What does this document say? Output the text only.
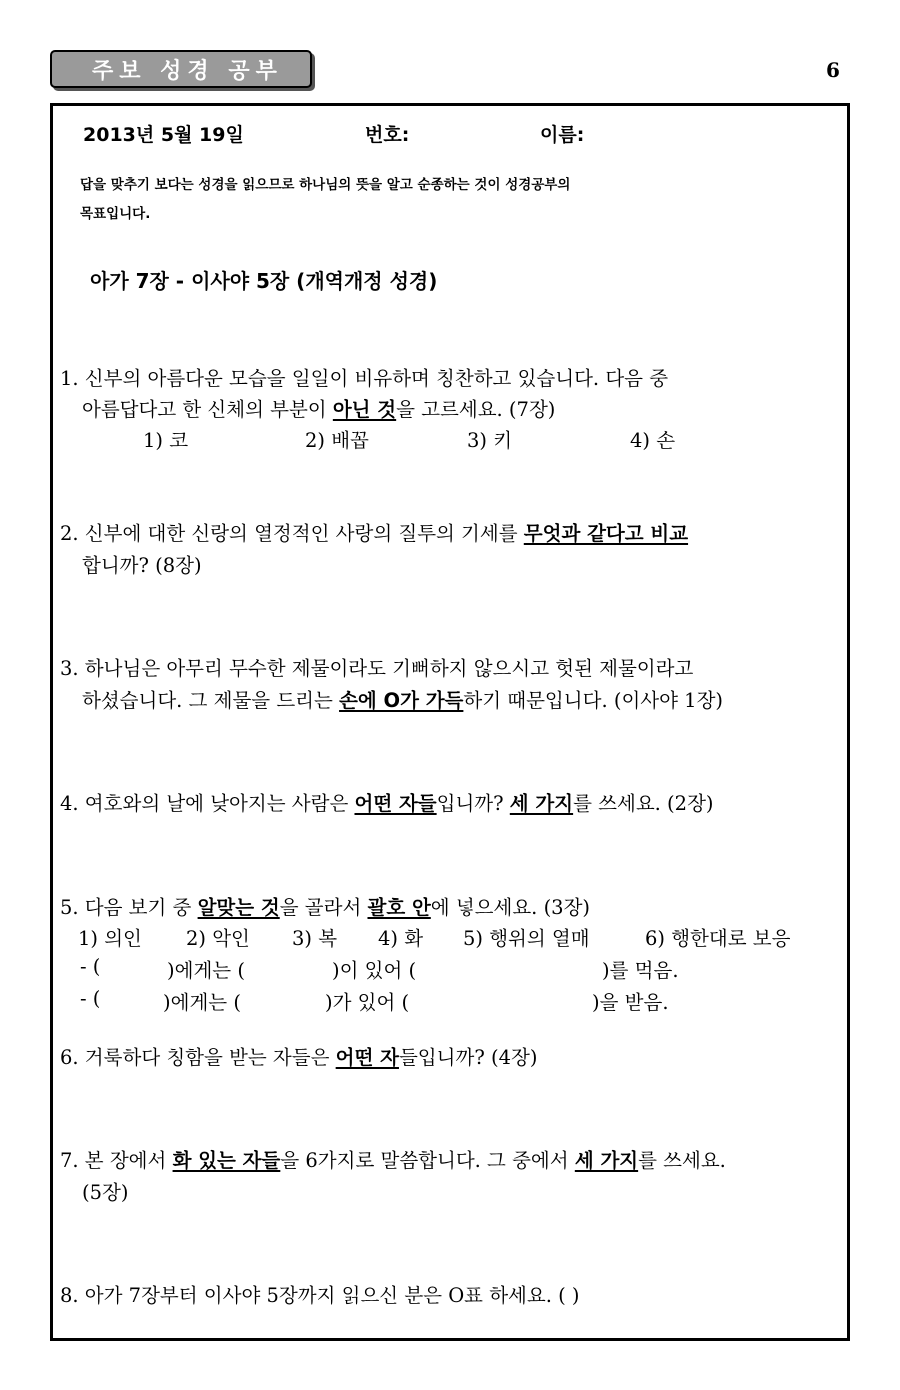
주보 성경 공부	6
2013년 5월 19일	번호:	이름:
답을 맞추기 보다는 성경을 읽으므로 하나님의 뜻을 알고 순종하는 것이 성경공부의
목표입니다.
아가 7장 - 이사야 5장 (개역개정 성경)
1. 신부의 아름다운 모습을 일일이 비유하며 칭찬하고 있습니다. 다음 중
아름답다고 한 신체의 부분이 아닌 것을 고르세요. (7장)
1) 코	2) 배꼽	3) 키	4) 손
2. 신부에 대한 신랑의 열정적인 사랑의 질투의 기세를 무엇과 같다고 비교
합니까? (8장)
3. 하나님은 아무리 무수한 제물이라도 기뻐하지 않으시고 헛된 제물이라고
하셨습니다. 그 제물을 드리는 손에 O가 가득하기 때문입니다. (이사야 1장)
4. 여호와의 날에 낮아지는 사람은 어떤 자들입니까? 세 가지를 쓰세요. (2장)
5. 다음 보기 중 알맞는 것을 골라서 괄호 안에 넣으세요. (3장)
1) 의인 2) 악인 3) 복 4) 화 5) 행위의 열매	6) 행한대로 보응
- (	)에게는 (	)이 있어 (	)를 먹음.
- (	)에게는 (	)가 있어 (	)을 받음.
6. 거룩하다 칭함을 받는 자들은 어떤 자들입니까? (4장)
7. 본 장에서 화 있는 자들을 6가지로 말씀합니다. 그 중에서 세 가지를 쓰세요.
(5장)
8. 아가 7장부터 이사야 5장까지 읽으신 분은 O표 하세요. ( )
